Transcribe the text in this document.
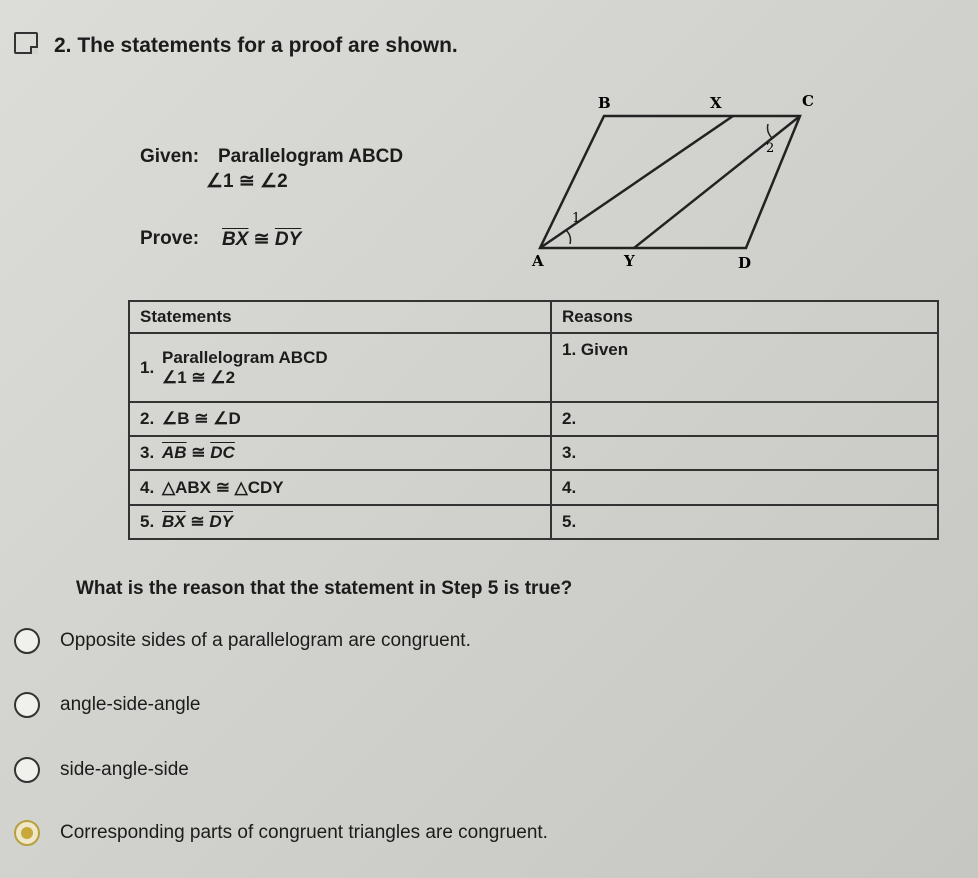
2. The statements for a proof are shown.
Given: Parallelogram ABCD
∠1 ≅ ∠2
Prove: $\overline{BX}$ ≅ $\overline{DY}$
B	X	C
A	Y	D
1
2
Statements	Reasons

1.
Parallelogram ABCD
∠1 ≅ ∠2	1. Given
2. ∠B ≅ ∠D	2.
3. $\overline{AB}$ ≅ $\overline{DC}$	3.
4. △ABX ≅ △CDY	4.
5. $\overline{BX}$ ≅ $\overline{DY}$	5.
What is the reason that the statement in Step 5 is true?
Opposite sides of a parallelogram are congruent.
angle-side-angle
side-angle-side
Corresponding parts of congruent triangles are congruent.
